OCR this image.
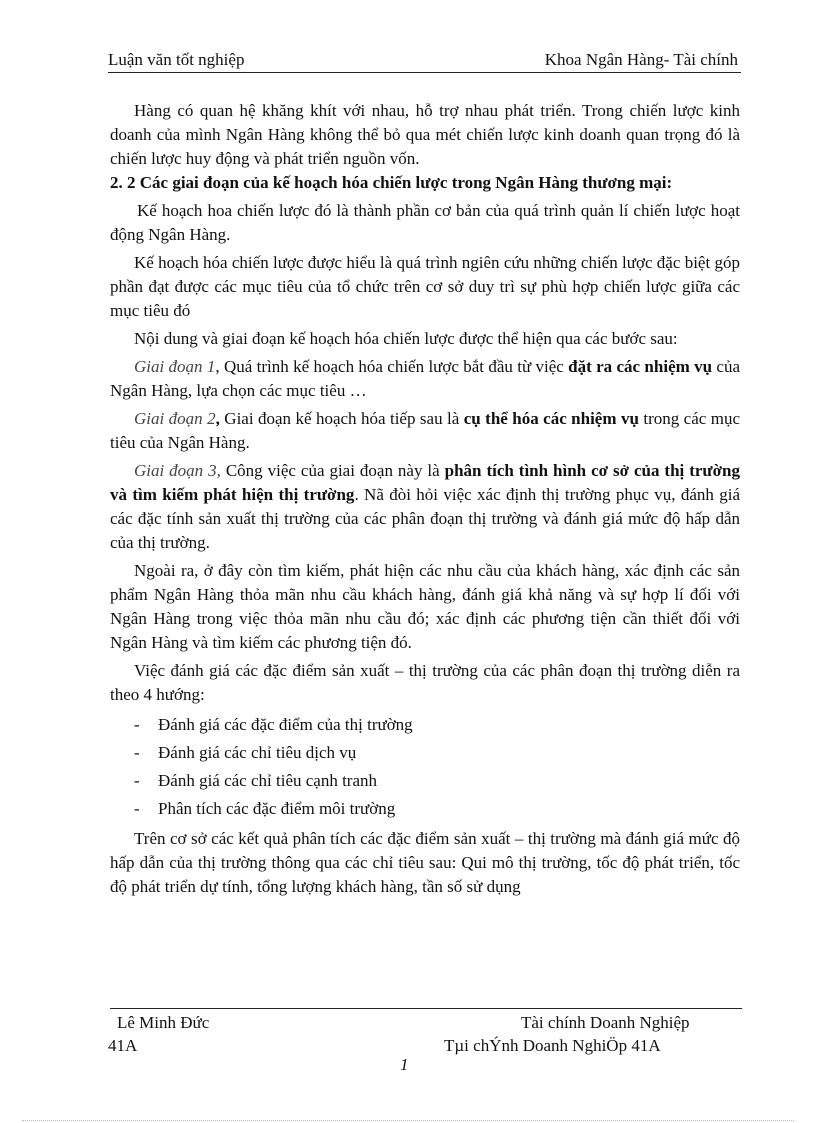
Luận văn tốt nghiệp	Khoa Ngân Hàng- Tài chính

Hàng có quan hệ khăng khít với nhau, hỗ trợ nhau phát triển. Trong chiến lược kinh doanh của mình Ngân Hàng không thể bỏ qua mét chiến lược kinh doanh quan trọng đó là chiến lược huy động và phát triển nguồn vốn.

2. 2 Các giai đoạn của kế hoạch hóa chiến lược trong Ngân Hàng thương mại:

Kế hoạch hoa chiến lược đó là thành phần cơ bản của quá trình quản lí chiến lược hoạt động Ngân Hàng.

Kế hoạch hóa chiến lược được hiểu là quá trình ngiên cứu những chiến lược đặc biệt góp phần đạt được các mục tiêu của tổ chức trên cơ sở duy trì sự phù hợp chiến lược giữa các mục tiêu đó

Nội dung và giai đoạn kế hoạch hóa chiến lược được thể hiện qua các bước sau:

Giai đoạn 1, Quá trình kế hoạch hóa chiến lược bắt đầu từ việc đặt ra các nhiệm vụ của Ngân Hàng, lựa chọn các mục tiêu …

Giai đoạn 2, Giai đoạn kế hoạch hóa tiếp sau là cụ thể hóa các nhiệm vụ trong các mục tiêu của Ngân Hàng.

Giai đoạn 3, Công việc của giai đoạn này là phân tích tình hình cơ sở của thị trường và tìm kiếm phát hiện thị trường. Nã đòi hỏi việc xác định thị trường phục vụ, đánh giá các đặc tính sản xuất thị trường của các phân đoạn thị trường và đánh giá mức độ hấp dẫn của thị trường.

Ngoài ra, ở đây còn tìm kiếm, phát hiện các nhu cầu của khách hàng, xác định các sản phẩm Ngân Hàng thỏa mãn nhu cầu khách hàng, đánh giá khả năng và sự hợp lí đối với Ngân Hàng trong việc thỏa mãn nhu cầu đó; xác định các phương tiện cần thiết đối với Ngân Hàng và tìm kiếm các phương tiện đó.

Việc đánh giá các đặc điểm sản xuất – thị trường của các phân đoạn thị trường diễn ra theo 4 hướng:

-	Đánh giá các đặc điểm của thị trường
-	Đánh giá các chỉ tiêu dịch vụ
-	Đánh giá các chỉ tiêu cạnh tranh
-	Phân tích các đặc điểm môi trường

Trên cơ sở các kết quả phân tích các đặc điểm sản xuất – thị trường mà đánh giá mức độ hấp dẫn của thị trường thông qua các chỉ tiêu sau: Qui mô thị trường, tốc độ phát triển, tốc độ phát triển dự tính, tổng lượng khách hàng, tần số sử dụng

Lê Minh Đức
41A
Tài chính Doanh Nghiệp
Tµi chÝnh Doanh NghiÖp 41A
1
